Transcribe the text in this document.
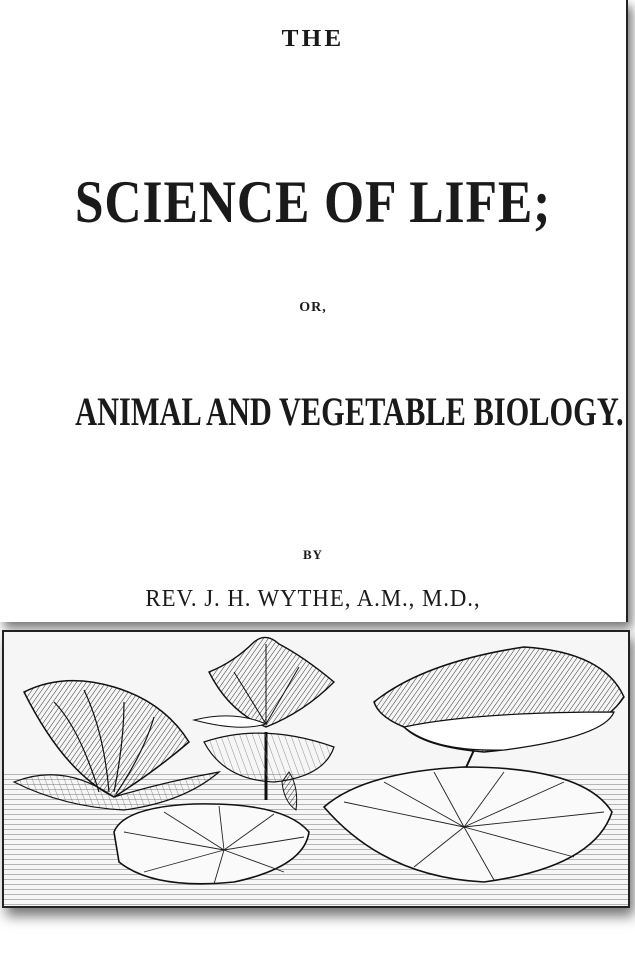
THE
SCIENCE OF LIFE;
OR,
ANIMAL AND VEGETABLE BIOLOGY.
BY
REV. J. H. WYTHE, A.M., M.D.,
